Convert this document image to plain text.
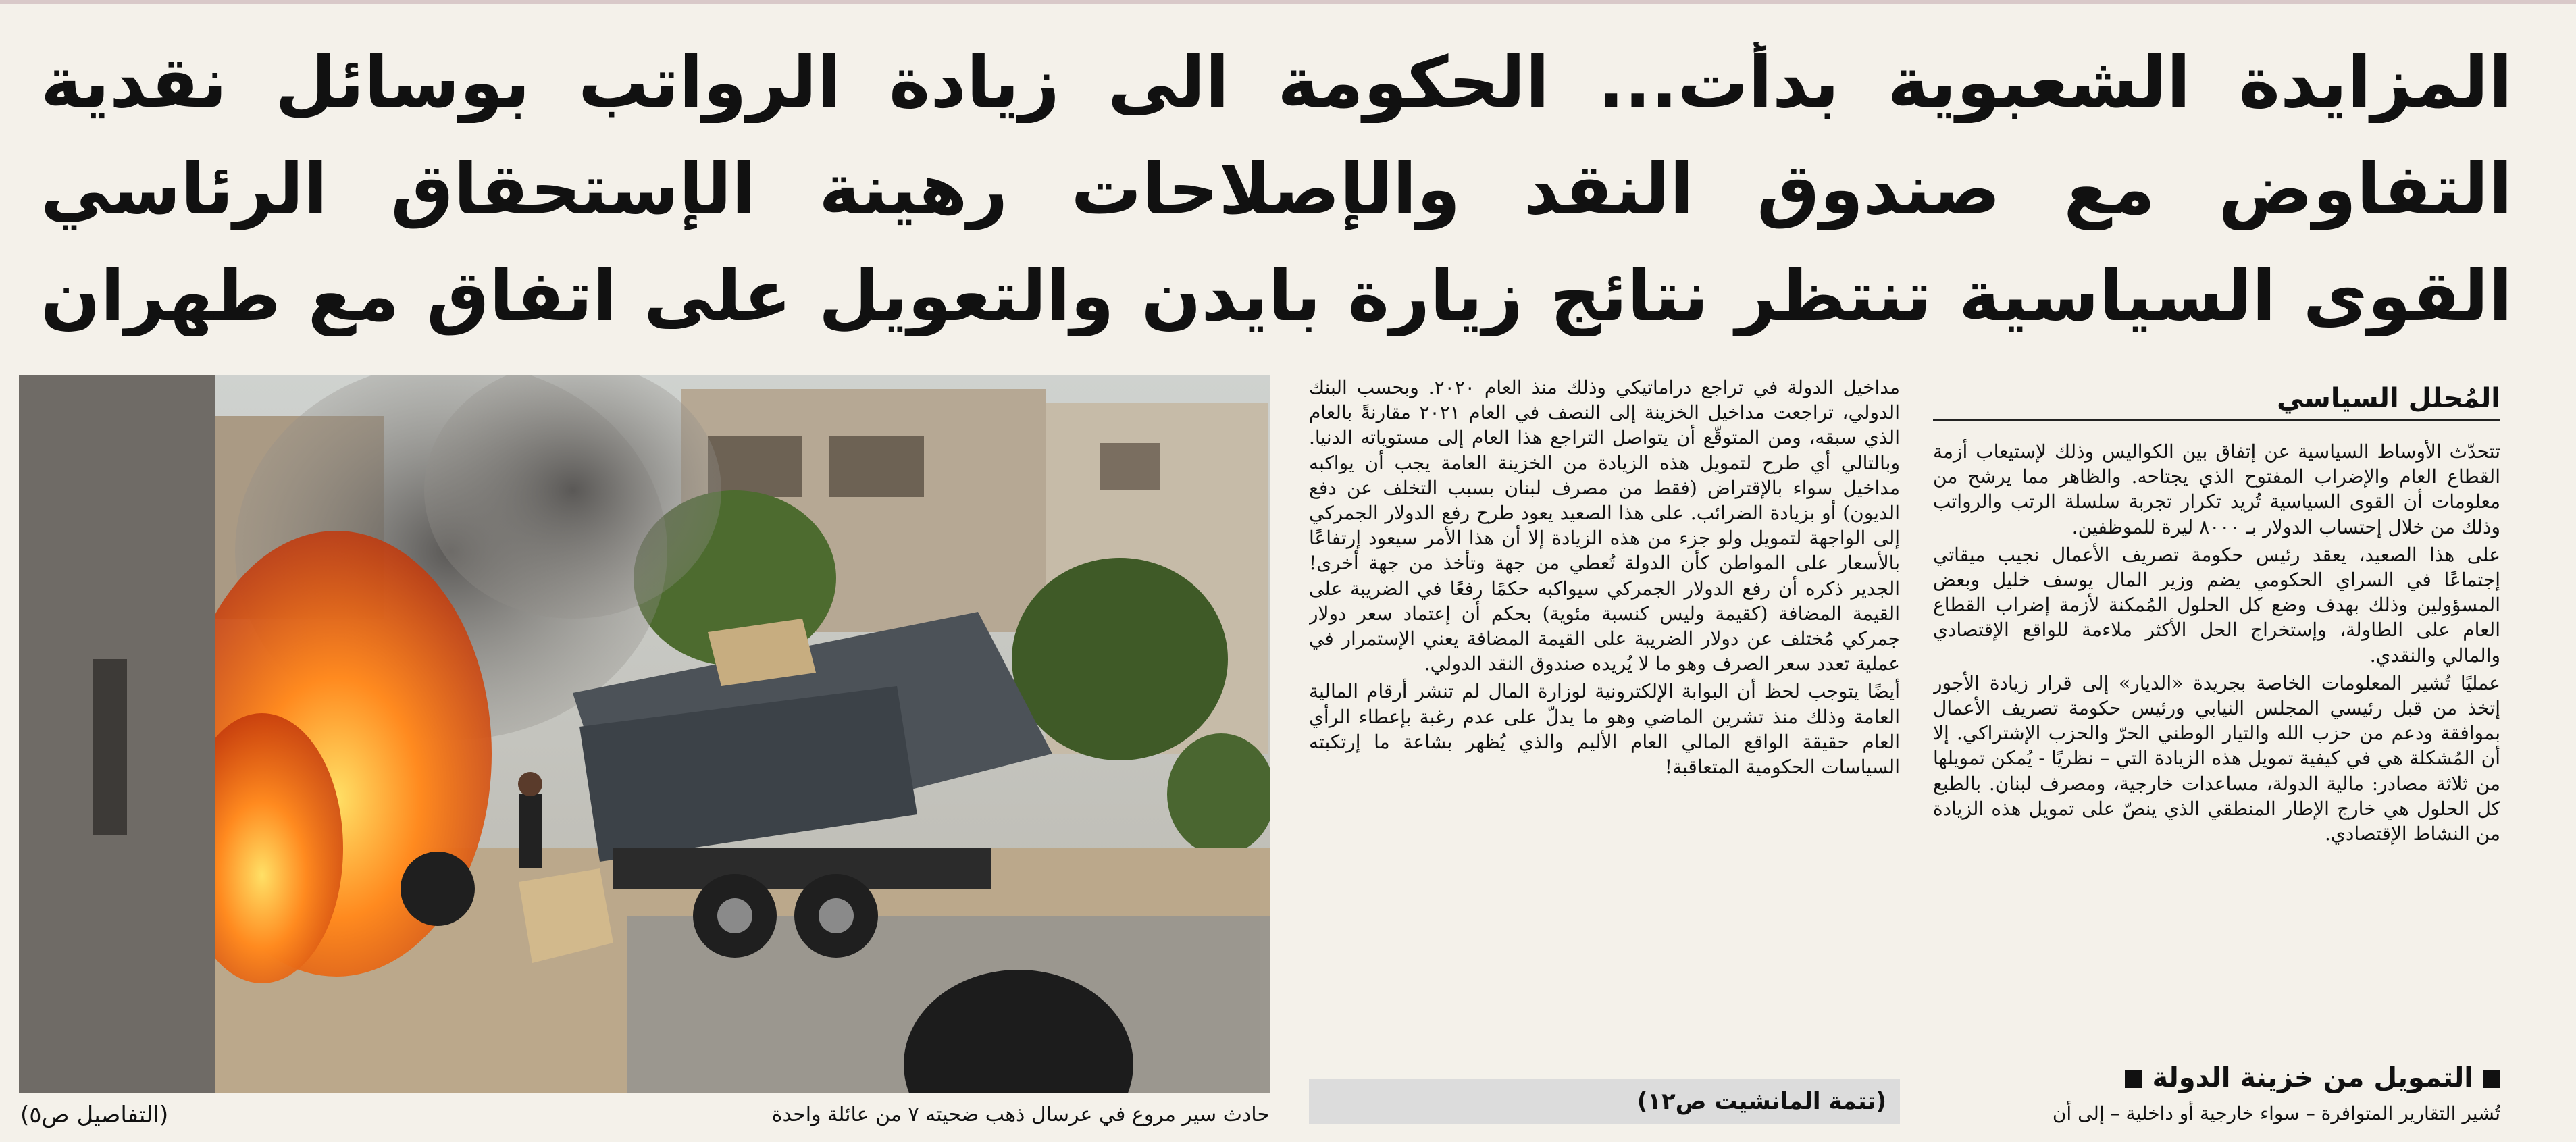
المزايدة الشعبوية بدأت... الحكومة الى زيادة الرواتب بوسائل نقدية
التفاوض مع صندوق النقد والإصلاحات رهينة الإستحقاق الرئاسي
القوى السياسية تنتظر نتائج زيارة بايدن والتعويل على اتفاق مع طهران
(التفاصيل ص٥)	حادث سير مروع في عرسال ذهب ضحيته ٧ من عائلة واحدة

مداخيل الدولة في تراجع دراماتيكي وذلك منذ العام ٢٠٢٠. وبحسب البنك الدولي، تراجعت مداخيل الخزينة إلى النصف في العام ٢٠٢١ مقارنةً بالعام الذي سبقه، ومن المتوقّع أن يتواصل التراجع هذا العام إلى مستوياته الدنيا. وبالتالي أي طرح لتمويل هذه الزيادة من الخزينة العامة يجب أن يواكبه مداخيل سواء بالإقتراض (فقط من مصرف لبنان بسبب التخلف عن دفع الديون) أو بزيادة الضرائب. على هذا الصعيد يعود طرح رفع الدولار الجمركي إلى الواجهة لتمويل ولو جزء من هذه الزيادة إلا أن هذا الأمر سيعود إرتفاعًا بالأسعار على المواطن كأن الدولة تُعطي من جهة وتأخذ من جهة أخرى! الجدير ذكره أن رفع الدولار الجمركي سيواكبه حكمًا رفعًا في الضريبة على القيمة المضافة (كقيمة وليس كنسبة مئوية) بحكم أن إعتماد سعر دولار جمركي مُختلف عن دولار الضريبة على القيمة المضافة يعني الإستمرار في عملية تعدد سعر الصرف وهو ما لا يُريده صندوق النقد الدولي.

أيضًا يتوجب لحظ أن البوابة الإلكترونية لوزارة المال لم تنشر أرقام المالية العامة وذلك منذ تشرين الماضي وهو ما يدلّ على عدم رغبة بإعطاء الرأي العام حقيقة الواقع المالي العام الأليم والذي يُظهر بشاعة ما إرتكبته السياسات الحكومية المتعاقبة!

(تتمة المانشيت ص١٢)
المُحلل السياسي

تتحدّث الأوساط السياسية عن إتفاق بين الكواليس وذلك لإستيعاب أزمة القطاع العام والإضراب المفتوح الذي يجتاحه. والظاهر مما يرشح من معلومات أن القوى السياسية تُريد تكرار تجربة سلسلة الرتب والرواتب وذلك من خلال إحتساب الدولار بـ ٨٠٠٠ ليرة للموظفين.

على هذا الصعيد، يعقد رئيس حكومة تصريف الأعمال نجيب ميقاتي إجتماعًا في السراي الحكومي يضم وزير المال يوسف خليل وبعض المسؤولين وذلك بهدف وضع كل الحلول المُمكنة لأزمة إضراب القطاع العام على الطاولة، وإستخراج الحل الأكثر ملاءمة للواقع الإقتصادي والمالي والنقدي.

عمليًا تُشير المعلومات الخاصة بجريدة «الديار» إلى قرار زيادة الأجور إتخذ من قبل رئيسي المجلس النيابي ورئيس حكومة تصريف الأعمال بموافقة ودعم من حزب الله والتيار الوطني الحرّ والحزب الإشتراكي. إلا أن المُشكلة هي في كيفية تمويل هذه الزيادة التي – نظريًا - يُمكن تمويلها من ثلاثة مصادر: مالية الدولة، مساعدات خارجية، ومصرف لبنان. بالطبع كل الحلول هي خارج الإطار المنطقي الذي ينصّ على تمويل هذه الزيادة من النشاط الإقتصادي.

التمويل من خزينة الدولة
تُشير التقارير المتوافرة – سواء خارجية أو داخلية – إلى أن
